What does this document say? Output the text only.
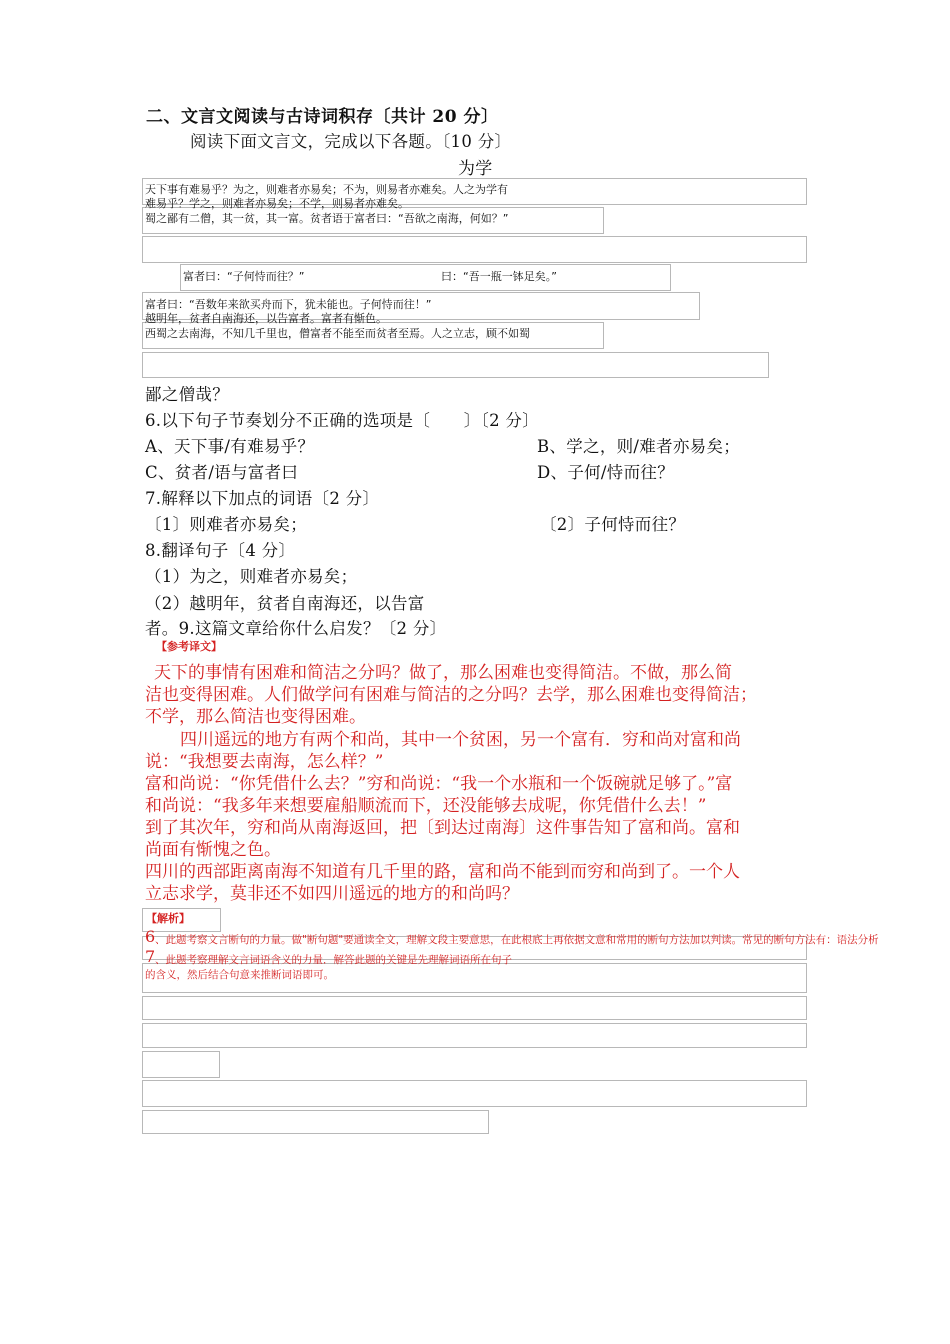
二、文言文阅读与古诗词积存〔共计 20 分〕
阅读下面文言文，完成以下各题。〔10 分〕
为学
天下事有难易乎？为之，则难者亦易矣；不为，则易者亦难矣。人之为学有
难易乎？学之，则难者亦易矣；不学，则易者亦难矣。
蜀之鄙有二僧，其一贫，其一富。贫者语于富者曰：“吾欲之南海，何如？”
富者曰：“子何恃而往？”	曰：“吾一瓶一钵足矣。”
富者曰：“吾数年来欲买舟而下，犹未能也。子何恃而往！”
越明年，贫者自南海还，以告富者。富者有惭色。
西蜀之去南海，不知几千里也，僧富者不能至而贫者至焉。人之立志，顾不如蜀
鄙之僧哉？
6.以下句子节奏划分不正确的选项是〔　　〕〔2 分〕
A、天下事/有难易乎？	B、学之，则/难者亦易矣；
C、贫者/语与富者曰	D、子何/恃而往？
7.解释以下加点的词语〔2 分〕
〔1〕则难者亦易矣；	〔2〕子何恃而往？
8.翻译句子〔4 分〕
（1）为之，则难者亦易矣；
（2）越明年，贫者自南海还，以告富
者。9.这篇文章给你什么启发？〔2 分〕
【参考译文】
天下的事情有困难和简洁之分吗？做了，那么困难也变得简洁。不做，那么简
洁也变得困难。人们做学问有困难与简洁的之分吗？去学，那么困难也变得简洁；
不学，那么简洁也变得困难。
四川遥远的地方有两个和尚，其中一个贫困，另一个富有．穷和尚对富和尚
说：“我想要去南海，怎么样？”
富和尚说：“你凭借什么去？”穷和尚说：“我一个水瓶和一个饭碗就足够了。”富
和尚说：“我多年来想要雇船顺流而下，还没能够去成呢，你凭借什么去！”
到了其次年，穷和尚从南海返回，把〔到达过南海〕这件事告知了富和尚。富和
尚面有惭愧之色。
四川的西部距离南海不知道有几千里的路，富和尚不能到而穷和尚到了。一个人
立志求学，莫非还不如四川遥远的地方的和尚吗？
【解析】
6 、此题考察文言断句的力量。做"断句题"要通读全文，理解文段主要意思，在此根底上再依据文意和常用的断句方法加以判读。常见的断句方法有：语法分析
7 、此题考察理解文言词语含义的力量．解答此题的关键是先理解词语所在句子
的含义，然后结合句意来推断词语即可。
